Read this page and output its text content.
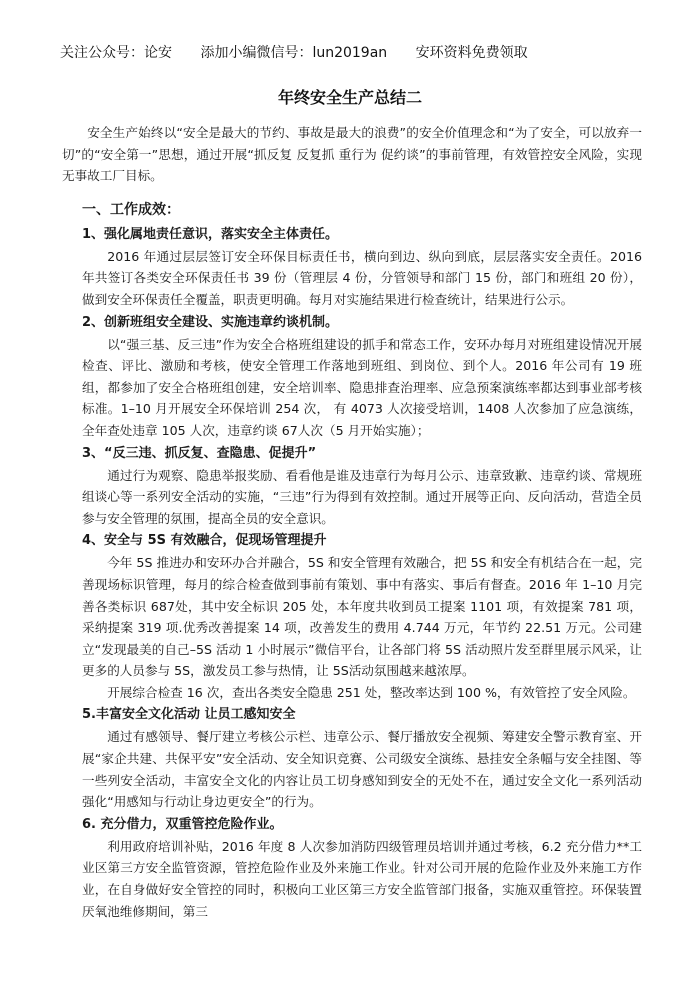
关注公众号：论安 添加小编微信号：lun2019an 安环资料免费领取
年终安全生产总结二

安全生产始终以“安全是最大的节约、事故是最大的浪费”的安全价值理念和“为了安全，可以放弃一切”的“安全第一”思想，通过开展“抓反复 反复抓 重行为 促约谈”的事前管理，有效管控安全风险，实现无事故工厂目标。

一、工作成效：
1、强化属地责任意识，落实安全主体责任。

2016 年通过层层签订安全环保目标责任书，横向到边、纵向到底，层层落实安全责任。2016 年共签订各类安全环保责任书 39 份（管理层 4 份，分管领导和部门 15 份，部门和班组 20 份），做到安全环保责任全覆盖，职责更明确。每月对实施结果进行检查统计，结果进行公示。

2、创新班组安全建设、实施违章约谈机制。

以“强三基、反三违”作为安全合格班组建设的抓手和常态工作，安环办每月对班组建设情况开展检查、评比、激励和考核，使安全管理工作落地到班组、到岗位、到个人。2016 年公司有 19 班组，都参加了安全合格班组创建，安全培训率、隐患排查治理率、应急预案演练率都达到事业部考核标准。1–10 月开展安全环保培训 254 次， 有 4073 人次接受培训，1408 人次参加了应急演练，全年查处违章 105 人次，违章约谈 67人次（5 月开始实施）；

3、“反三违、抓反复、查隐患、促提升”

通过行为观察、隐患举报奖励、看看他是谁及违章行为每月公示、违章致歉、违章约谈、常规班组谈心等一系列安全活动的实施，“三违”行为得到有效控制。通过开展等正向、反向活动，营造全员参与安全管理的氛围，提高全员的安全意识。

4、安全与 5S 有效融合，促现场管理提升

今年 5S 推进办和安环办合并融合，5S 和安全管理有效融合，把 5S 和安全有机结合在一起，完善现场标识管理，每月的综合检查做到事前有策划、事中有落实、事后有督查。2016 年 1–10 月完善各类标识 687处，其中安全标识 205 处，本年度共收到员工提案 1101 项，有效提案 781 项，采纳提案 319 项.优秀改善提案 14 项，改善发生的费用 4.744 万元，年节约 22.51 万元。公司建立“发现最美的自己–5S 活动 1 小时展示”微信平台，让各部门将 5S 活动照片发至群里展示风采，让更多的人员参与 5S，激发员工参与热情，让 5S活动氛围越来越浓厚。

开展综合检查 16 次，查出各类安全隐患 251 处，整改率达到 100 %，有效管控了安全风险。

5.丰富安全文化活动 让员工感知安全

通过有感领导、餐厅建立考核公示栏、违章公示、餐厅播放安全视频、筹建安全警示教育室、开展“家企共建、共保平安”安全活动、安全知识竞赛、公司级安全演练、悬挂安全条幅与安全挂图、等一些列安全活动，丰富安全文化的内容让员工切身感知到安全的无处不在，通过安全文化一系列活动强化“用感知与行动让身边更安全”的行为。

6. 充分借力，双重管控危险作业。

利用政府培训补贴，2016 年度 8 人次参加消防四级管理员培训并通过考核，6.2 充分借力**工业区第三方安全监管资源，管控危险作业及外来施工作业。针对公司开展的危险作业及外来施工方作业，在自身做好安全管控的同时，积极向工业区第三方安全监管部门报备，实施双重管控。环保装置厌氧池维修期间，第三
